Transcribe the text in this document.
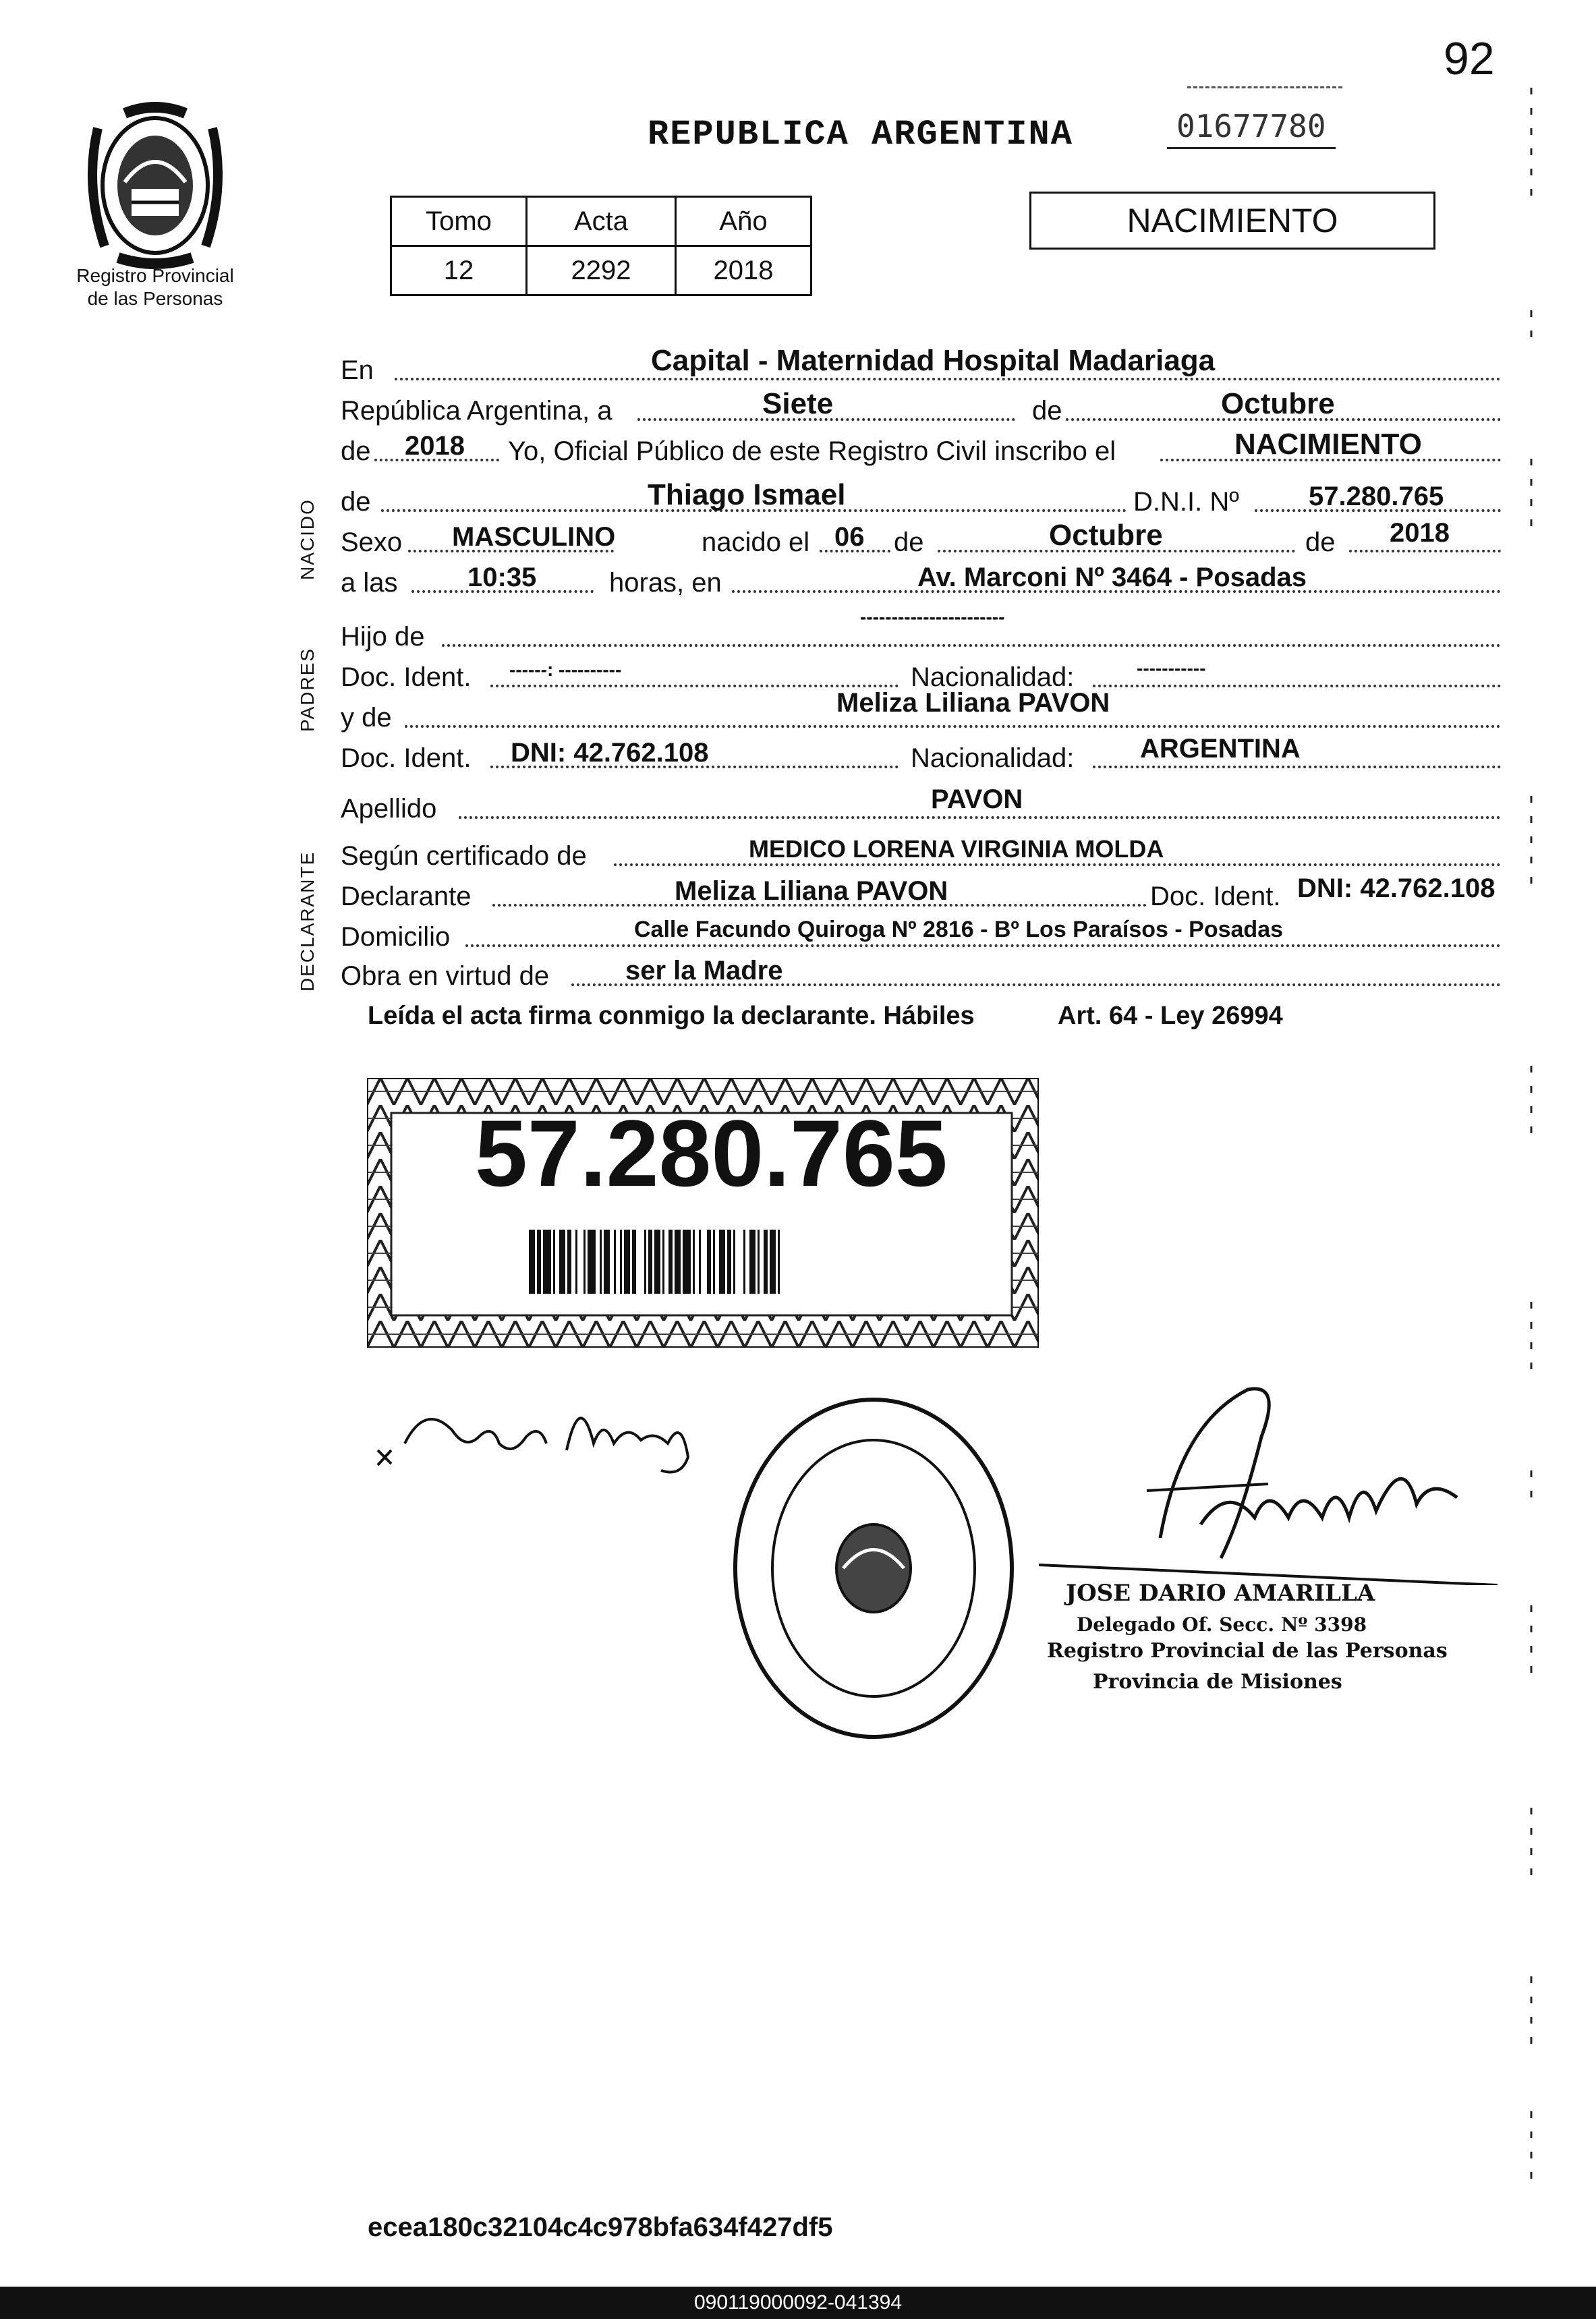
92
REPUBLICA ARGENTINA	01677780
Registro Provincial
de las Personas
Tomo	Acta	Año
12	2292	2018
NACIMIENTO
NACIDO
PADRES
DECLARANTE
En	Capital - Maternidad Hospital Madariaga
República Argentina, a	Siete	de	Octubre
de 2018 Yo, Oficial Público de este Registro Civil inscribo el	NACIMIENTO
de	Thiago Ismael	D.N.I. Nº	57.280.765
Sexo MASCULINO	nacido el 06 de	Octubre	de 2018
a las	10:35	horas, en	Av. Marconi Nº 3464 - Posadas
Hijo de
-----------------------
Doc. Ident. ------: ----------	Nacionalidad:	-----------
y de	Meliza Liliana PAVON
Doc. Ident. DNI: 42.762.108	Nacionalidad: ARGENTINA
Apellido	PAVON
Según certificado de	MEDICO LORENA VIRGINIA MOLDA
Declarante	Meliza Liliana PAVON	Doc. Ident. DNI: 42.762.108
Domicilio	Calle Facundo Quiroga Nº 2816 - Bº Los Paraísos - Posadas
Obra en virtud de	ser la Madre
Leída el acta firma conmigo la declarante. Hábiles	Art. 64 - Ley 26994
57.280.765
JOSE DARIO AMARILLA
Delegado Of. Secc. Nº 3398
Registro Provincial de las Personas
Provincia de Misiones
ecea180c32104c4c978bfa634f427df5
090119000092-041394
